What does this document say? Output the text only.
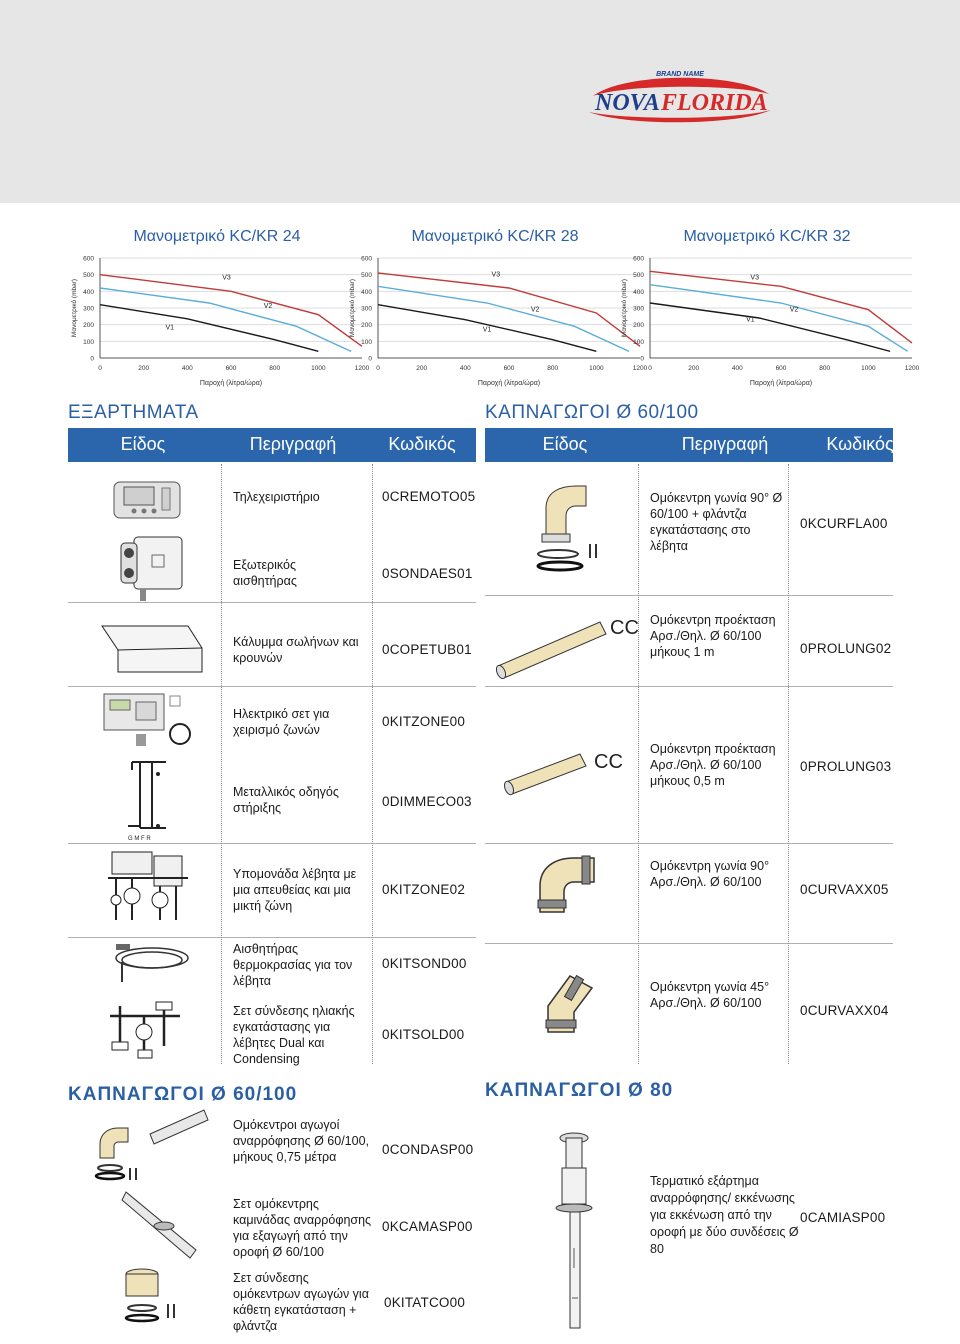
BRAND NAME
NOVA FLORIDA
Μανομετρικό KC/KR 24
0
100
200
300
400
500
600
0	200	400	600	800	1000	1200
Μανομετρικό (mbar)
Παροχή (λίτρα/ώρα)
V1
V2
V3
Μανομετρικό KC/KR 28
0
100
200
300
400
500
600
0	200	400	600	800	1000	1200
Μανομετρικό (mbar)
Παροχή (λίτρα/ώρα)
V1
V2
V3
Μανομετρικό KC/KR 32
0
100
200
300
400
500
600
0	200	400	600	800	1000	1200
Μανομετρικό (mbar)
Παροχή (λίτρα/ώρα)
V1
V2
V3
ΕΞΑΡΤΗΜΑΤΑ	ΚΑΠΝΑΓΩΓΟΙ Ø 60/100
Είδος	Περιγραφή	Κωδικός	Είδος	Περιγραφή	Κωδικός
Τηλεχειριστήριο	0CREMOTO05
Εξωτερικός αισθητήρας	0SONDAES01
Κάλυμμα σωλήνων και κρουνών
0COPETUB01
Ηλεκτρικό σετ για χειρισμό ζωνών
0KITZONE00
G M F R
Μεταλλικός οδηγός στήριξης	0DIMMECO03
Υπομονάδα λέβητα με μια απευθείας και μια μικτή ζώνη
0KITZONE02
Αισθητήρας θερμοκρασίας για τον λέβητα
0KITSOND00
Σετ σύνδεσης ηλιακής εγκατάστασης για λέβητες Dual και Condensing
0KITSOLD00
Ομόκεντρη γωνία 90° Ø 60/100 + φλάντζα εγκατάστασης στο λέβητα
0KCURFLA00
CC Ομόκεντρη προέκταση Αρσ./Θηλ. Ø 60/100 μήκους 1 m	0PROLUNG02
CC
Ομόκεντρη προέκταση Αρσ./Θηλ. Ø 60/100 μήκους 0,5 m
0PROLUNG03
Ομόκεντρη γωνία 90° Αρσ./Θηλ. Ø 60/100	0CURVAXX05
Ομόκεντρη γωνία 45° Αρσ./Θηλ. Ø 60/100	0CURVAXX04
ΚΑΠΝΑΓΩΓΟΙ Ø 60/100	ΚΑΠΝΑΓΩΓΟΙ Ø 80
Ομόκεντροι αγωγοί αναρρόφησης Ø 60/100, μήκους 0,75 μέτρα	0CONDASP00
Σετ ομόκεντρης καμινάδας αναρρόφησης για εξαγωγή από την οροφή Ø 60/100
0KCAMASP00
Σετ σύνδεσης ομόκεντρων αγωγών για κάθετη εγκατάσταση + φλάντζα
0KITATCO00
Τερματικό εξάρτημα αναρρόφησης/ εκκένωσης για εκκένωση από την οροφή με δύο συνδέσεις Ø 80
0CAMIASP00
